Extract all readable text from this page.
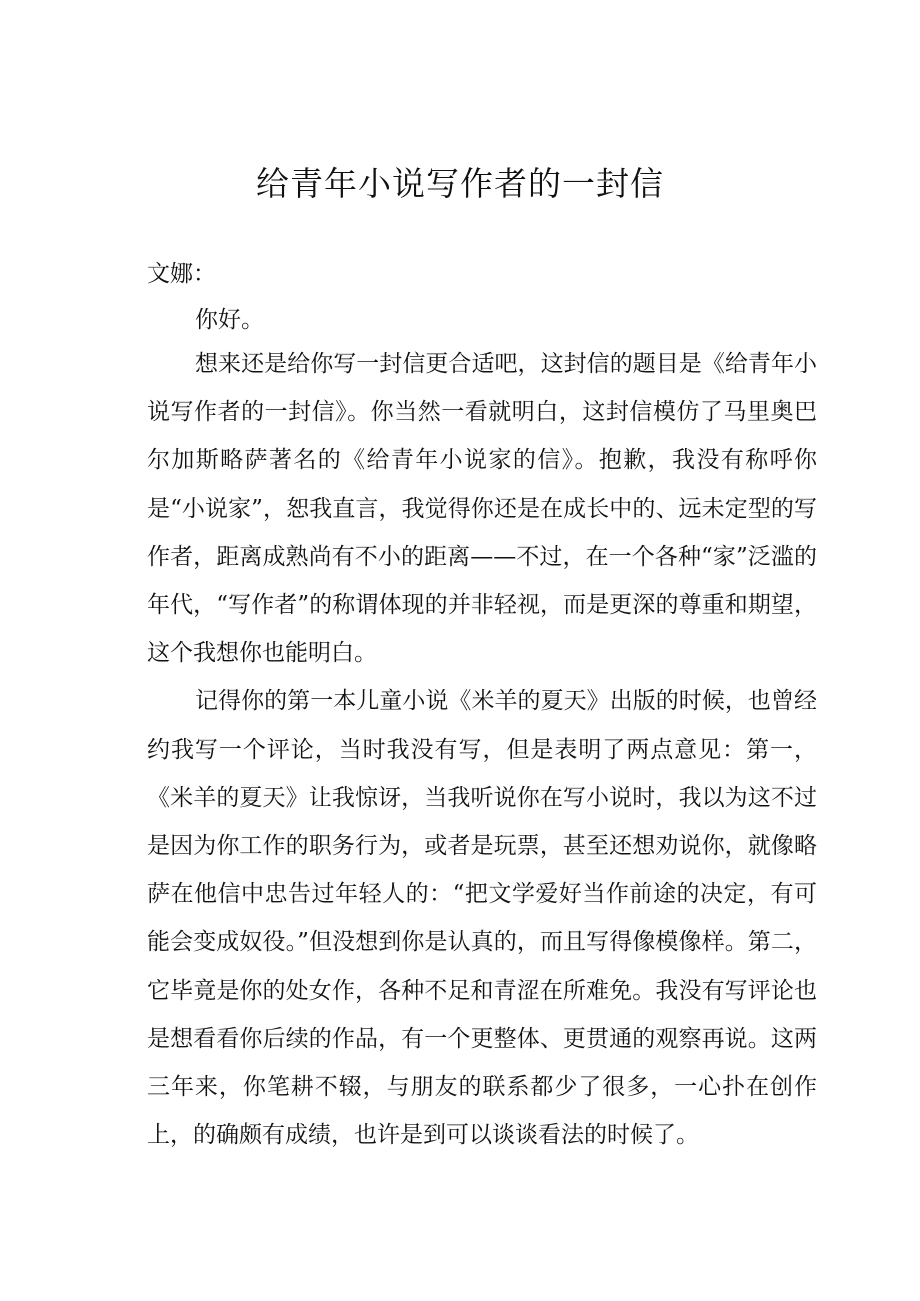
给青年小说写作者的一封信
文娜：
你好。

想来还是给你写一封信更合适吧，这封信的题目是《给青年小说写作者的一封信》。你当然一看就明白，这封信模仿了马里奥巴尔加斯略萨著名的《给青年小说家的信》。抱歉，我没有称呼你是“小说家”，恕我直言，我觉得你还是在成长中的、远未定型的写作者，距离成熟尚有不小的距离——不过，在一个各种“家”泛滥的年代，“写作者”的称谓体现的并非轻视，而是更深的尊重和期望，这个我想你也能明白。

记得你的第一本儿童小说《米羊的夏天》出版的时候，也曾经约我写一个评论，当时我没有写，但是表明了两点意见：第一，《米羊的夏天》让我惊讶，当我听说你在写小说时，我以为这不过是因为你工作的职务行为，或者是玩票，甚至还想劝说你，就像略萨在他信中忠告过年轻人的：“把文学爱好当作前途的决定，有可能会变成奴役。”但没想到你是认真的，而且写得像模像样。第二，它毕竟是你的处女作，各种不足和青涩在所难免。我没有写评论也是想看看你后续的作品，有一个更整体、更贯通的观察再说。这两三年来，你笔耕不辍，与朋友的联系都少了很多，一心扑在创作上，的确颇有成绩，也许是到可以谈谈看法的时候了。
